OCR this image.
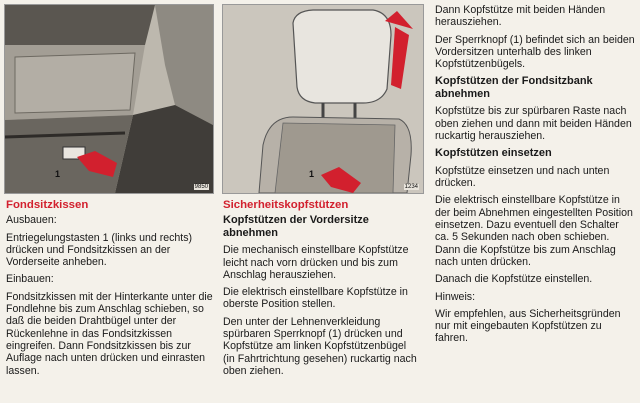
1
9850
1
1234
Fondsitzkissen

Ausbauen:

Entriegelungstasten 1 (links und rechts) drücken und Fondsitzkissen an der Vorderseite anheben.

Einbauen:

Fondsitzkissen mit der Hinterkante unter die Fondlehne bis zum Anschlag schieben, so daß die beiden Drahtbügel unter der Rückenlehne in das Fondsitzkissen eingreifen. Dann Fondsitzkissen bis zur Auflage nach unten drücken und einrasten lassen.

Sicherheitskopfstützen
Kopfstützen der Vordersitze abnehmen

Die mechanisch einstellbare Kopfstütze leicht nach vorn drücken und bis zum Anschlag herausziehen.

Die elektrisch einstellbare Kopfstütze in oberste Position stellen.

Den unter der Lehnenverkleidung spürbaren Sperrknopf (1) drücken und Kopfstütze am linken Kopfstützenbügel (in Fahrtrichtung gesehen) ruckartig nach oben ziehen.

Dann Kopfstütze mit beiden Händen herausziehen.

Der Sperrknopf (1) befindet sich an beiden Vordersitzen unterhalb des linken Kopfstützenbügels.

Kopfstützen der Fondsitzbank abnehmen

Kopfstütze bis zur spürbaren Raste nach oben ziehen und dann mit beiden Händen ruckartig herausziehen.

Kopfstützen einsetzen

Kopfstütze einsetzen und nach unten drücken.

Die elektrisch einstellbare Kopfstütze in der beim Abnehmen eingestellten Position einsetzen. Dazu eventuell den Schalter ca. 5 Sekunden nach oben schieben. Dann die Kopfstütze bis zum Anschlag nach unten drücken.

Danach die Kopfstütze einstellen.

Hinweis:

Wir empfehlen, aus Sicherheitsgründen nur mit eingebauten Kopfstützen zu fahren.
